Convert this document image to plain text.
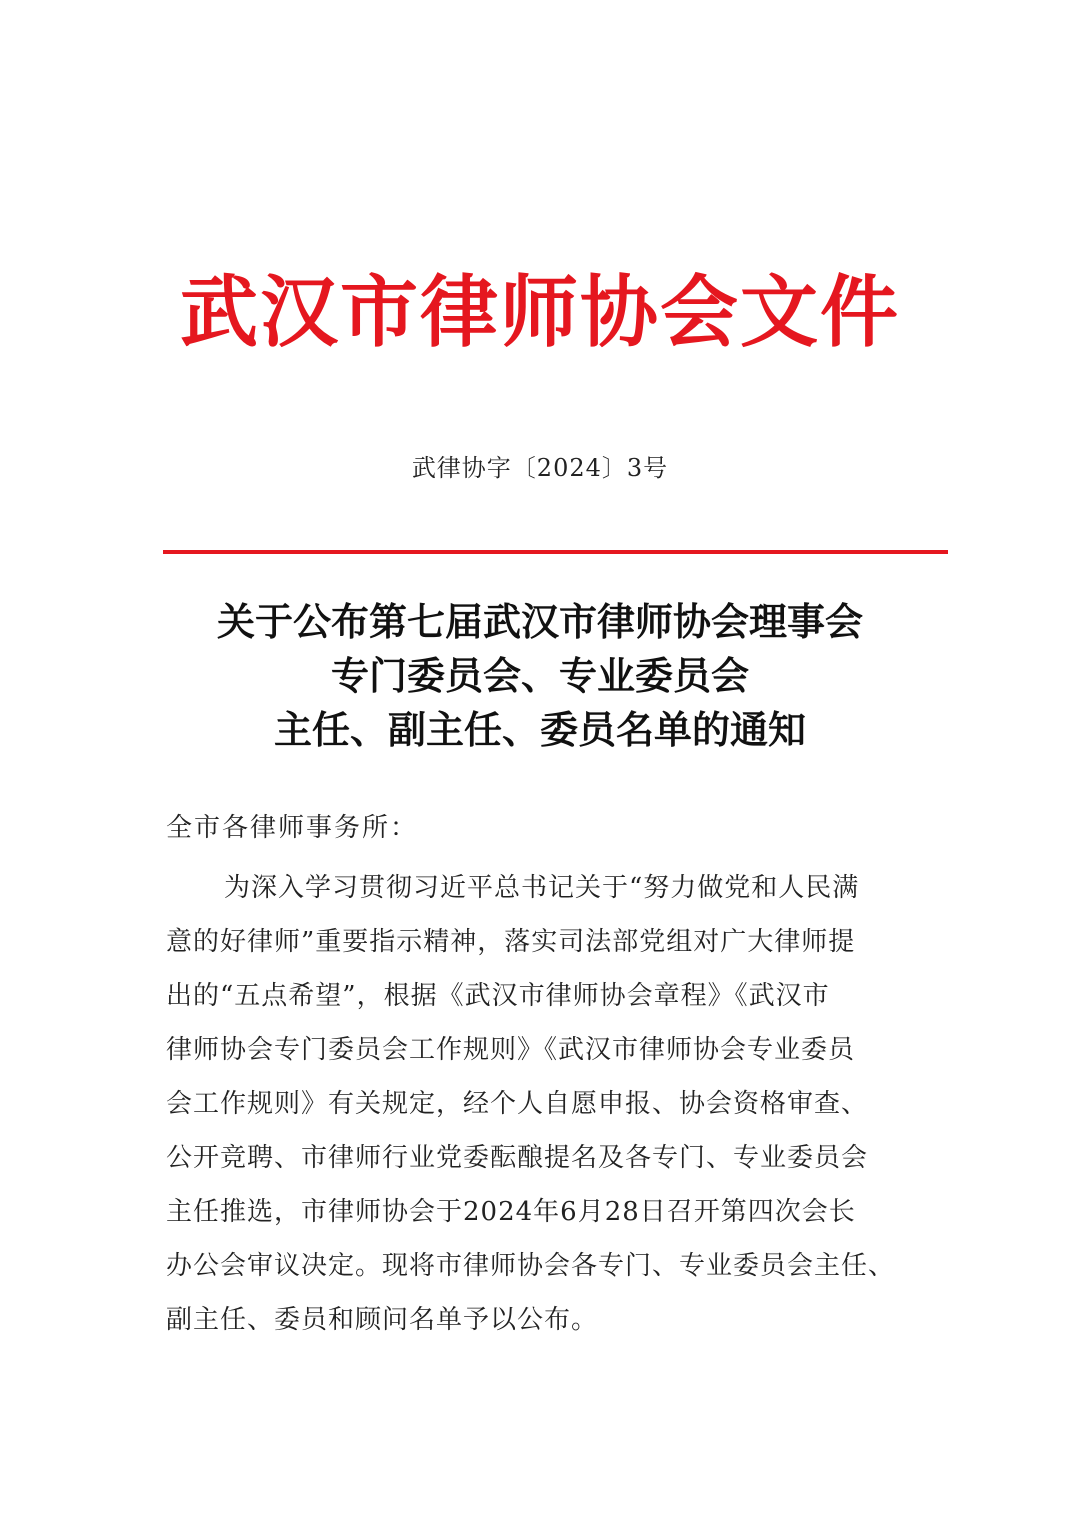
武汉市律师协会文件
武律协字〔2024〕3号
关于公布第七届武汉市律师协会理事会
专门委员会、专业委员会
主任、副主任、委员名单的通知
全市各律师事务所：
为深入学习贯彻习近平总书记关于“努力做党和人民满
意的好律师”重要指示精神，落实司法部党组对广大律师提
出的“五点希望”，根据《武汉市律师协会章程》《武汉市
律师协会专门委员会工作规则》《武汉市律师协会专业委员
会工作规则》有关规定，经个人自愿申报、协会资格审查、
公开竞聘、市律师行业党委酝酿提名及各专门、专业委员会
主任推选，市律师协会于2024年6月28日召开第四次会长
办公会审议决定。现将市律师协会各专门、专业委员会主任、
副主任、委员和顾问名单予以公布。
